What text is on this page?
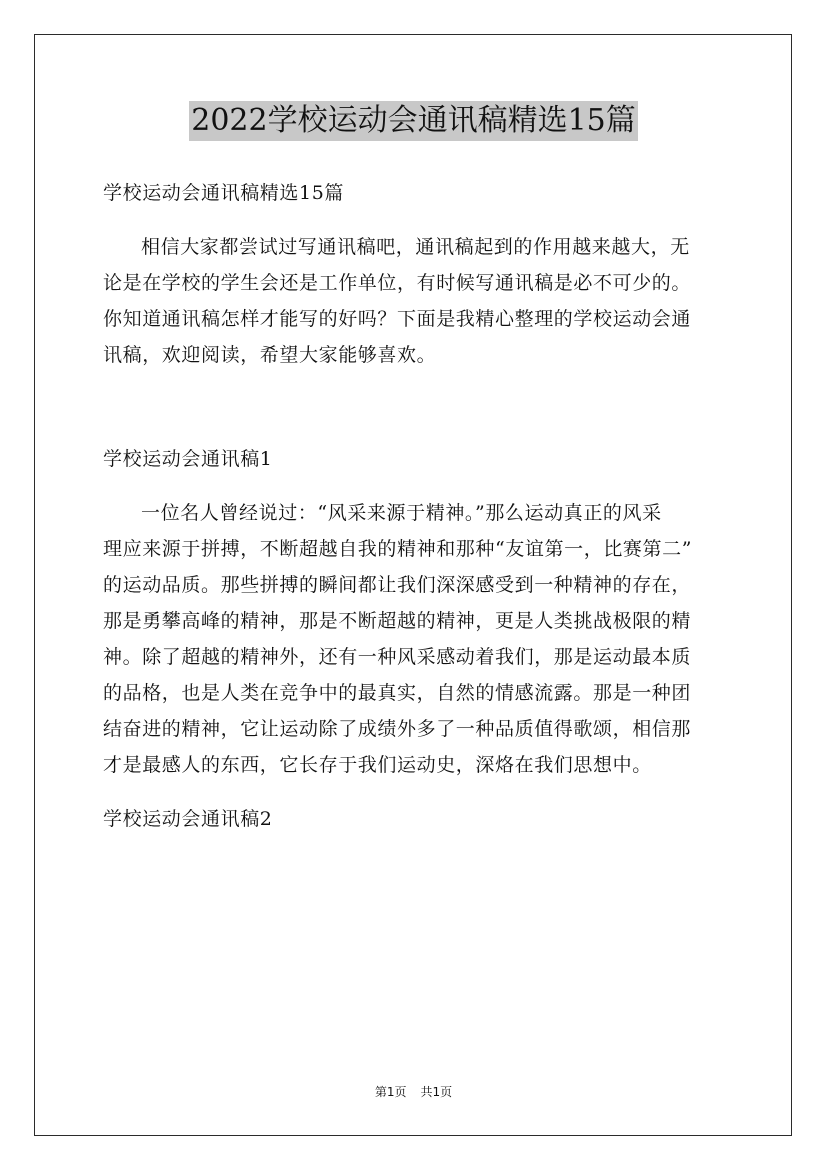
2022学校运动会通讯稿精选15篇
学校运动会通讯稿精选15篇
相信大家都尝试过写通讯稿吧，通讯稿起到的作用越来越大，无
论是在学校的学生会还是工作单位，有时候写通讯稿是必不可少的。
你知道通讯稿怎样才能写的好吗？下面是我精心整理的学校运动会通
讯稿，欢迎阅读，希望大家能够喜欢。
学校运动会通讯稿1
一位名人曾经说过：“风采来源于精神。”那么运动真正的风采
理应来源于拼搏，不断超越自我的精神和那种“友谊第一，比赛第二”
的运动品质。那些拼搏的瞬间都让我们深深感受到一种精神的存在，
那是勇攀高峰的精神，那是不断超越的精神，更是人类挑战极限的精
神。除了超越的精神外，还有一种风采感动着我们，那是运动最本质
的品格，也是人类在竞争中的最真实，自然的情感流露。那是一种团
结奋进的精神，它让运动除了成绩外多了一种品质值得歌颂，相信那
才是最感人的东西，它长存于我们运动史，深烙在我们思想中。
学校运动会通讯稿2
第1页 共1页
